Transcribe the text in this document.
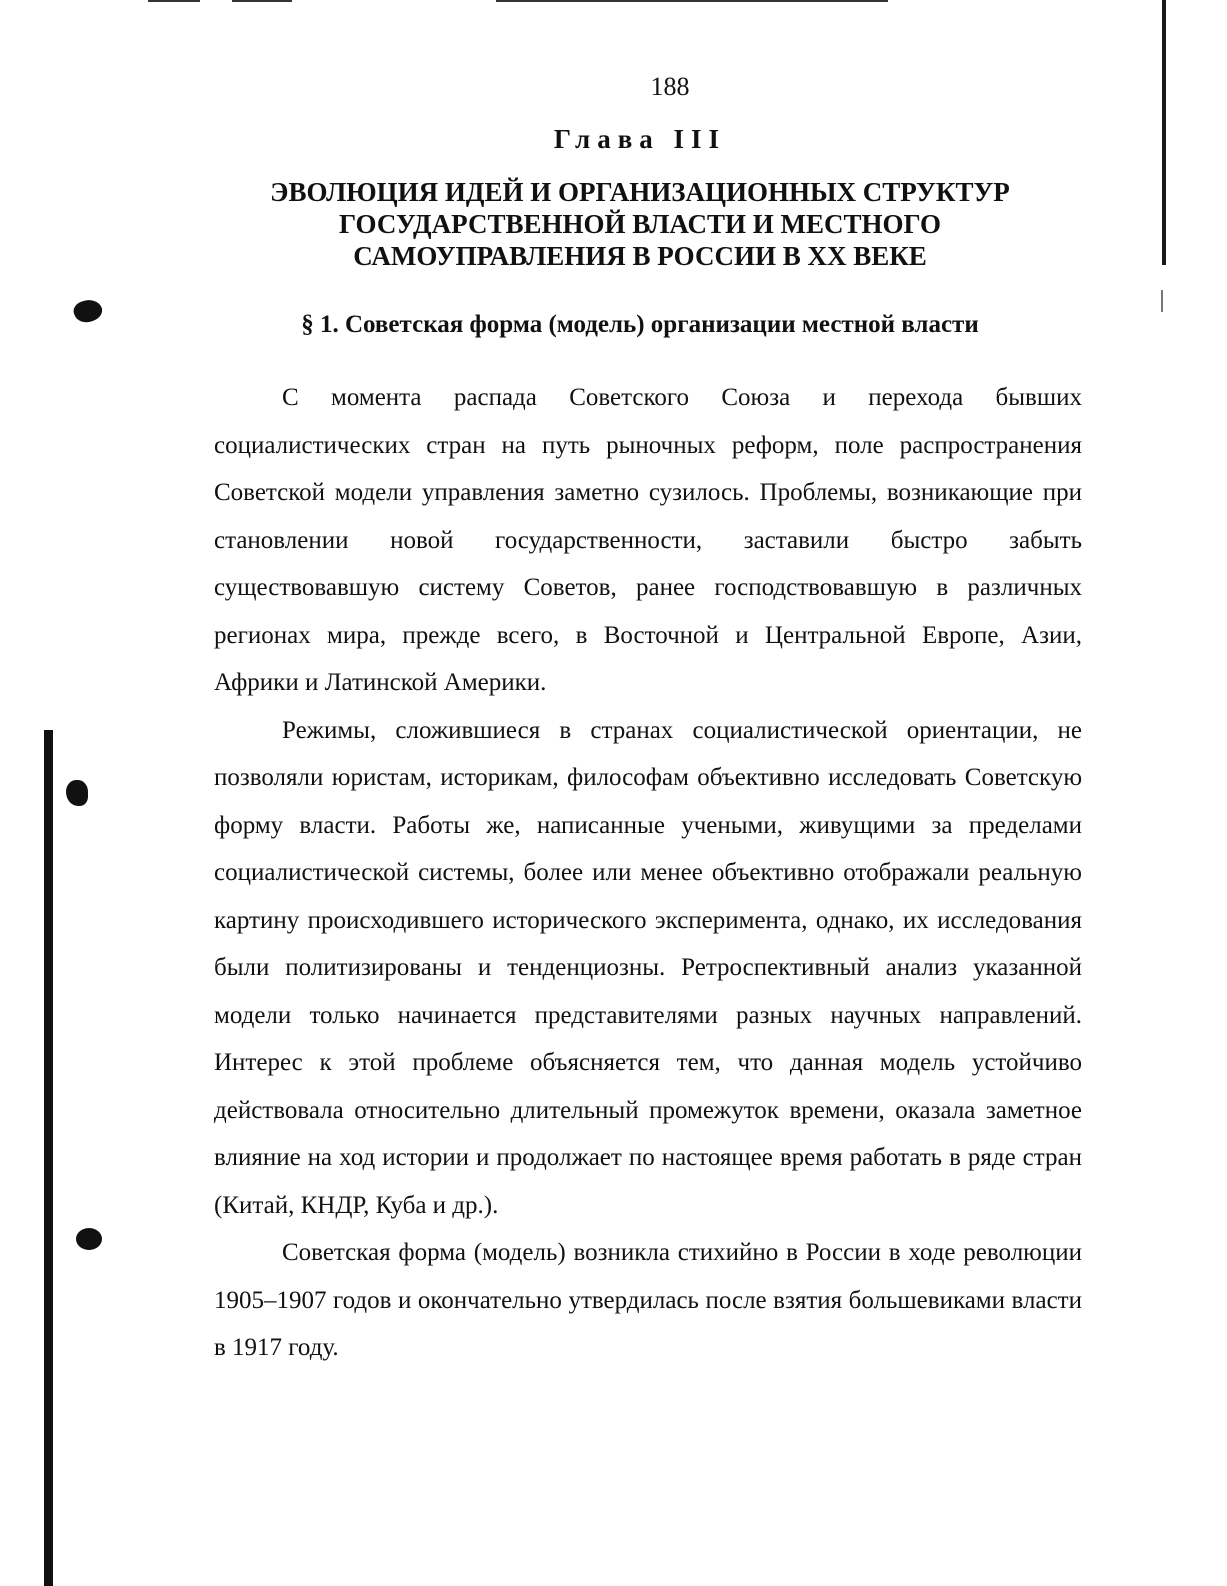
188
Глава III
ЭВОЛЮЦИЯ ИДЕЙ И ОРГАНИЗАЦИОННЫХ СТРУКТУР
ГОСУДАРСТВЕННОЙ ВЛАСТИ И МЕСТНОГО
САМОУПРАВЛЕНИЯ В РОССИИ В XX ВЕКЕ
§ 1. Советская форма (модель) организации местной власти

С момента распада Советского Союза и перехода бывших социалистических стран на путь рыночных реформ, поле распространения Советской модели управления заметно сузилось. Проблемы, возникающие при становлении новой государственности, заставили быстро забыть существовавшую систему Советов, ранее господствовавшую в различных регионах мира, прежде всего, в Восточной и Центральной Европе, Азии, Африки и Латинской Америки.

Режимы, сложившиеся в странах социалистической ориентации, не позволяли юристам, историкам, философам объективно исследовать Советскую форму власти. Работы же, написанные учеными, живущими за пределами социалистической системы, более или менее объективно отображали реальную картину происходившего исторического эксперимента, однако, их исследования были политизированы и тенденциозны. Ретроспективный анализ указанной модели только начинается представителями разных научных направлений. Интерес к этой проблеме объясняется тем, что данная модель устойчиво действовала относительно длительный промежуток времени, оказала заметное влияние на ход истории и продолжает по настоящее время работать в ряде стран (Китай, КНДР, Куба и др.).

Советская форма (модель) возникла стихийно в России в ходе революции 1905–1907 годов и окончательно утвердилась после взятия большевиками власти в 1917 году.
